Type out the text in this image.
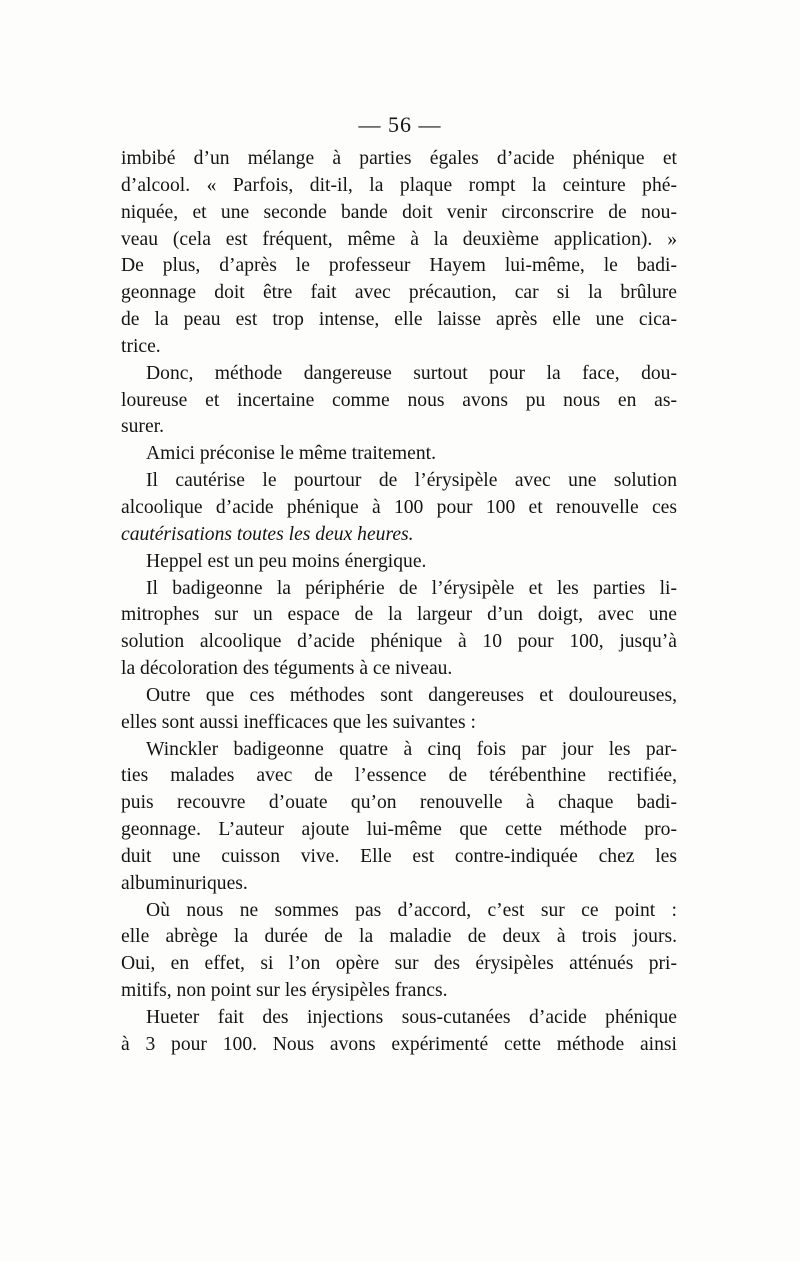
— 56 —
imbibé d’un mélange à parties égales d’acide phénique et
d’alcool. « Parfois, dit-il, la plaque rompt la ceinture phé-
niquée, et une seconde bande doit venir circonscrire de nou-
veau (cela est fréquent, même à la deuxième application). »
De plus, d’après le professeur Hayem lui-même, le badi-
geonnage doit être fait avec précaution, car si la brûlure
de la peau est trop intense, elle laisse après elle une cica-
trice.
Donc, méthode dangereuse surtout pour la face, dou-
loureuse et incertaine comme nous avons pu nous en as-
surer.
Amici préconise le même traitement.
Il cautérise le pourtour de l’érysipèle avec une solution
alcoolique d’acide phénique à 100 pour 100 et renouvelle ces
cautérisations toutes les deux heures.
Heppel est un peu moins énergique.
Il badigeonne la périphérie de l’érysipèle et les parties li-
mitrophes sur un espace de la largeur d’un doigt, avec une
solution alcoolique d’acide phénique à 10 pour 100, jusqu’à
la décoloration des téguments à ce niveau.
Outre que ces méthodes sont dangereuses et douloureuses,
elles sont aussi inefficaces que les suivantes :
Winckler badigeonne quatre à cinq fois par jour les par-
ties malades avec de l’essence de térébenthine rectifiée,
puis recouvre d’ouate qu’on renouvelle à chaque badi-
geonnage. L’auteur ajoute lui-même que cette méthode pro-
duit une cuisson vive. Elle est contre-indiquée chez les
albuminuriques.
Où nous ne sommes pas d’accord, c’est sur ce point :
elle abrège la durée de la maladie de deux à trois jours.
Oui, en effet, si l’on opère sur des érysipèles atténués pri-
mitifs, non point sur les érysipèles francs.
Hueter fait des injections sous-cutanées d’acide phénique
à 3 pour 100. Nous avons expérimenté cette méthode ainsi
